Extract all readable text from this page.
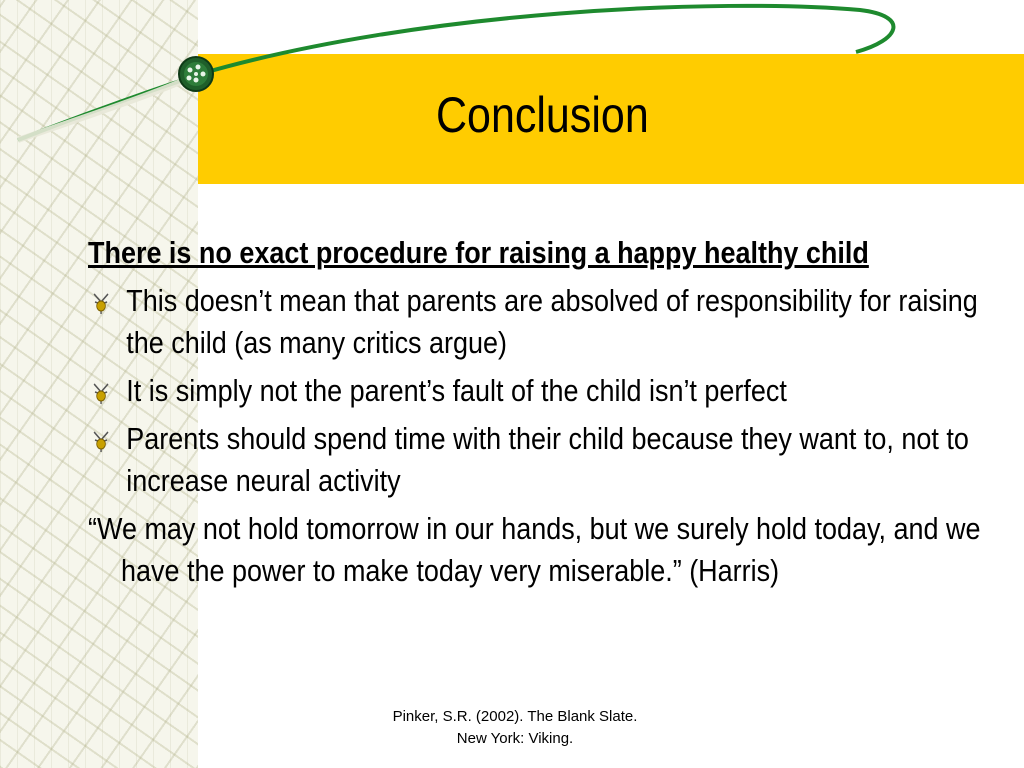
Conclusion

There is no exact procedure for raising a happy healthy child

This doesn’t mean that parents are absolved of responsibility for raising the child (as many critics argue)
It is simply not the parent’s fault of the child isn’t perfect
Parents should spend time with their child because they want to, not to increase neural activity

“We may not hold tomorrow in our hands, but we surely hold today, and we have the power to make today very miserable.” (Harris)

Pinker, S.R. (2002). The Blank Slate.
New York: Viking.
